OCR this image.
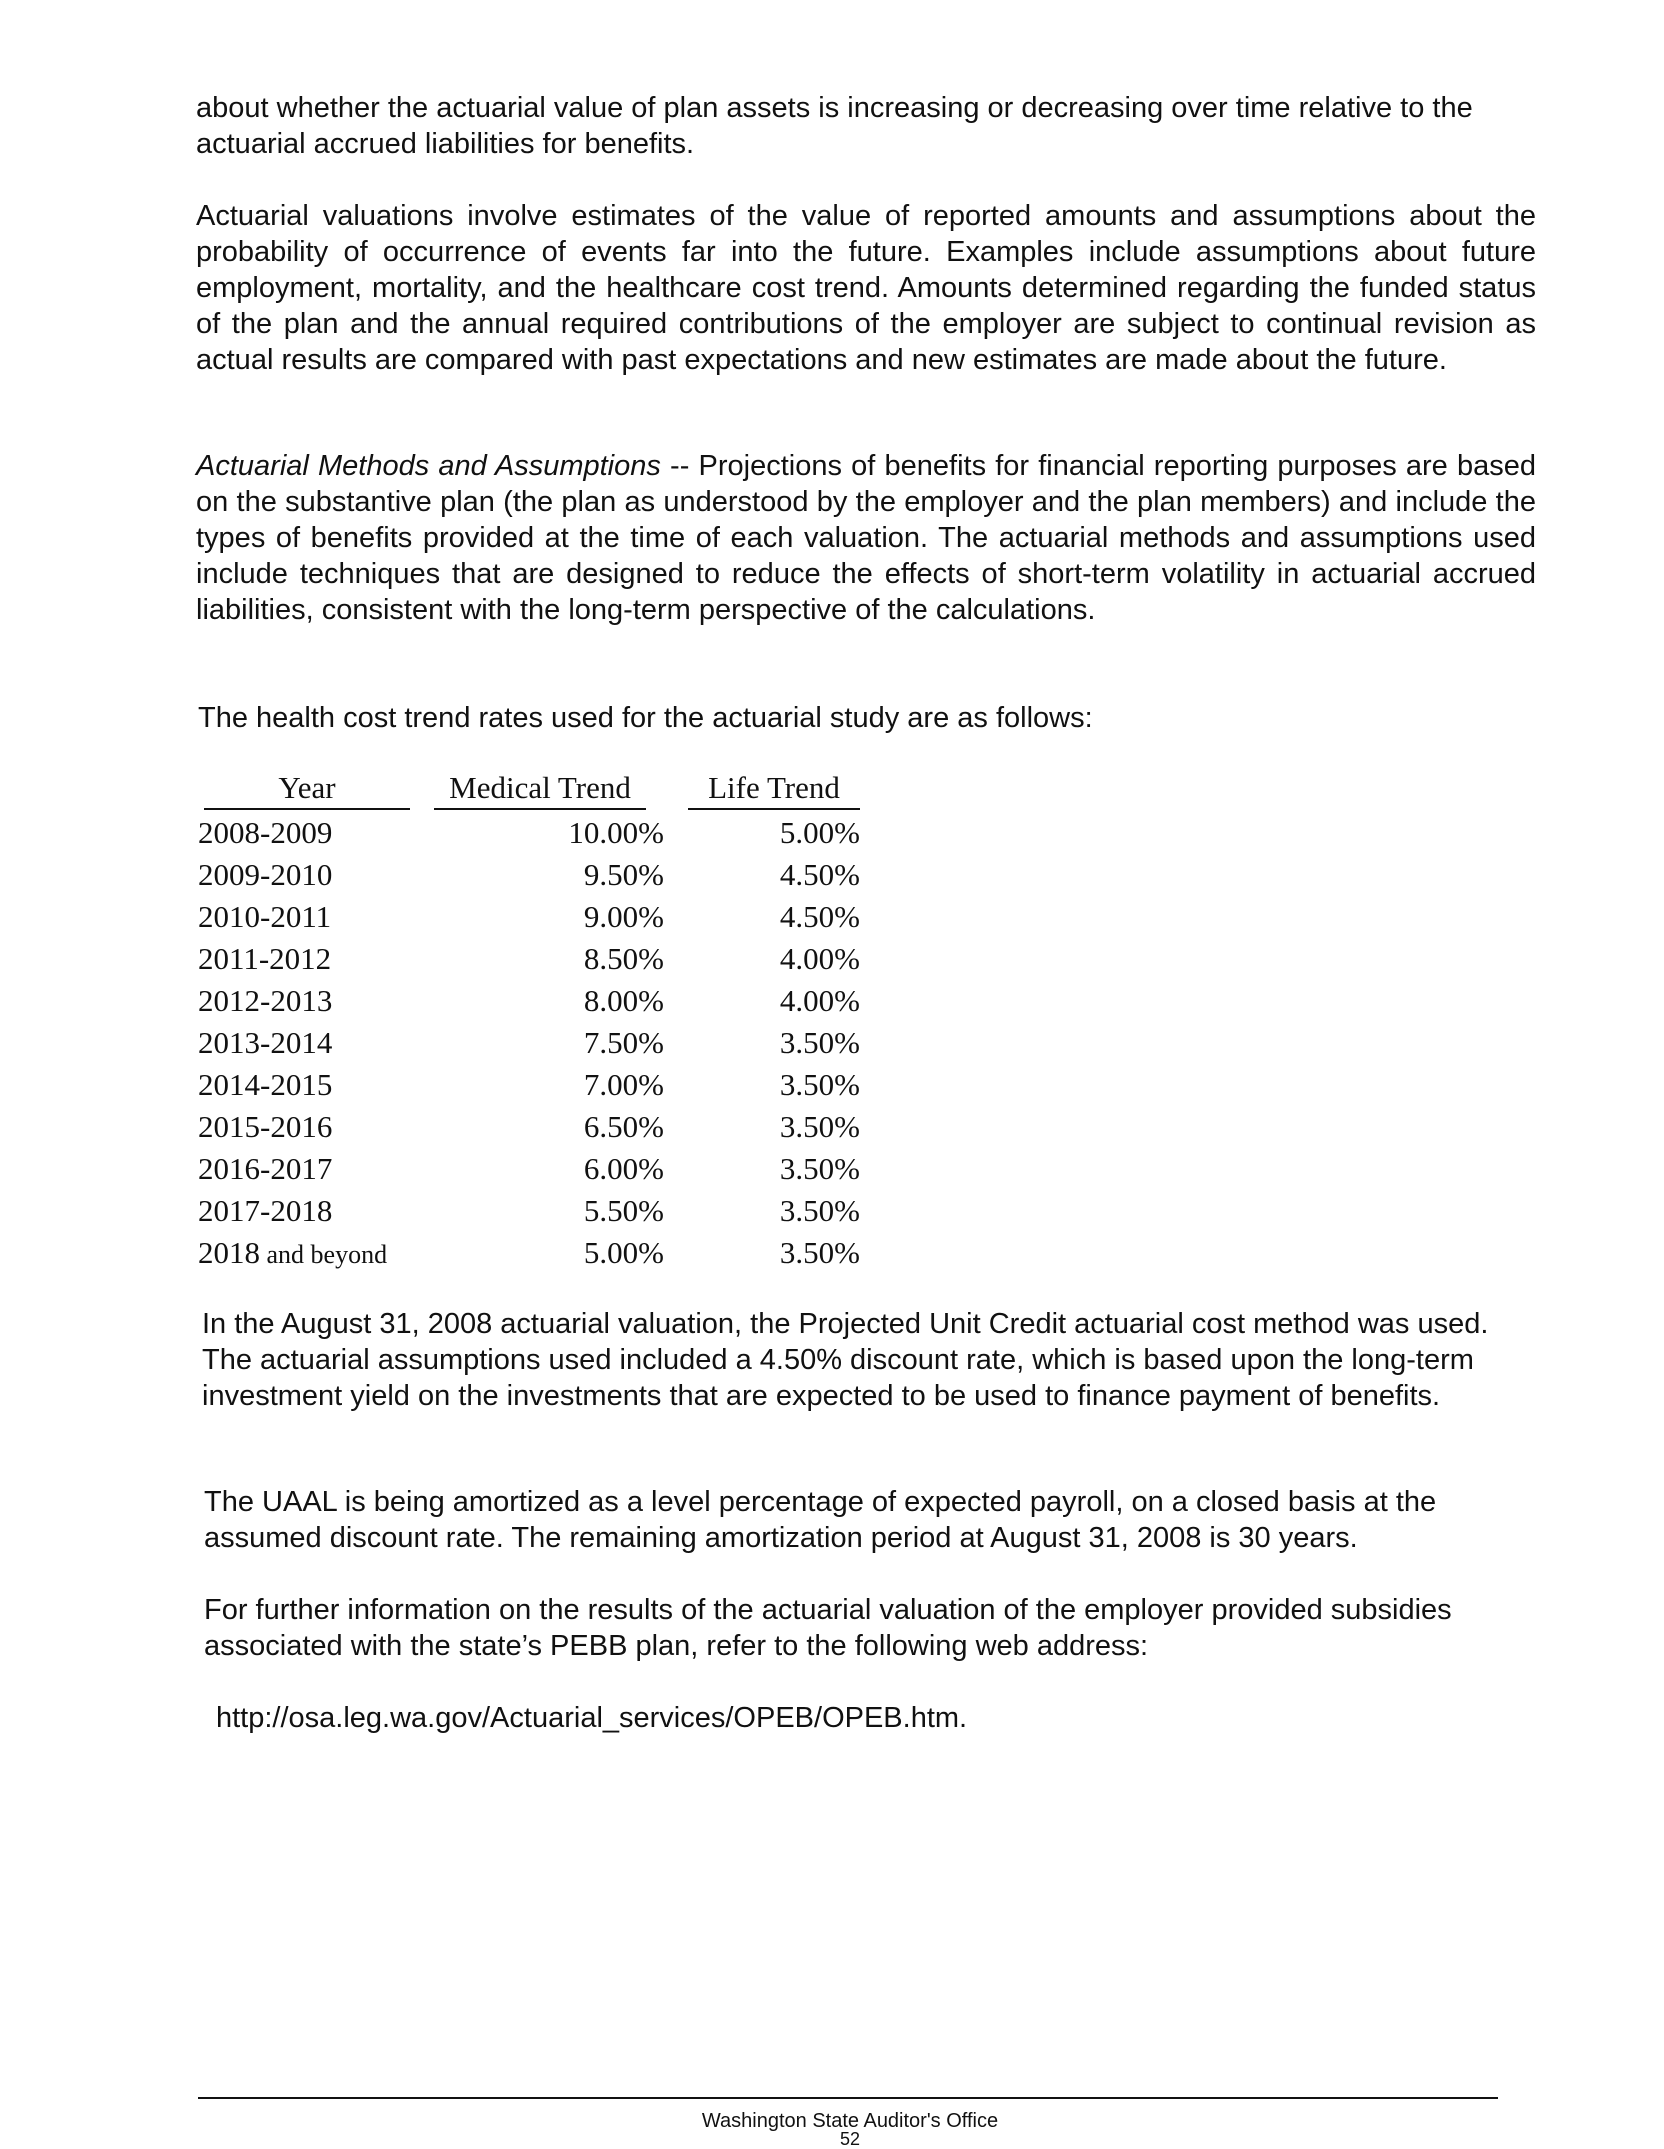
about whether the actuarial value of plan assets is increasing or decreasing over time relative to the actuarial accrued liabilities for benefits.

Actuarial valuations involve estimates of the value of reported amounts and assumptions about the probability of occurrence of events far into the future. Examples include assumptions about future employment, mortality, and the healthcare cost trend. Amounts determined regarding the funded status of the plan and the annual required contributions of the employer are subject to continual revision as actual results are compared with past expectations and new estimates are made about the future.

Actuarial Methods and Assumptions -- Projections of benefits for financial reporting purposes are based on the substantive plan (the plan as understood by the employer and the plan members) and include the types of benefits provided at the time of each valuation. The actuarial methods and assumptions used include techniques that are designed to reduce the effects of short-term volatility in actuarial accrued liabilities, consistent with the long-term perspective of the calculations.

The health cost trend rates used for the actuarial study are as follows:

Year	Medical Trend	Life Trend
2008-2009	10.00%	5.00%
2009-2010	9.50%	4.50%
2010-2011	9.00%	4.50%
2011-2012	8.50%	4.00%
2012-2013	8.00%	4.00%
2013-2014	7.50%	3.50%
2014-2015	7.00%	3.50%
2015-2016	6.50%	3.50%
2016-2017	6.00%	3.50%
2017-2018	5.50%	3.50%
2018 and beyond	5.00%	3.50%

In the August 31, 2008 actuarial valuation, the Projected Unit Credit actuarial cost method was used. The actuarial assumptions used included a 4.50% discount rate, which is based upon the long-term investment yield on the investments that are expected to be used to finance payment of benefits.

The UAAL is being amortized as a level percentage of expected payroll, on a closed basis at the assumed discount rate. The remaining amortization period at August 31, 2008 is 30 years.

For further information on the results of the actuarial valuation of the employer provided subsidies associated with the state’s PEBB plan, refer to the following web address:

http://osa.leg.wa.gov/Actuarial_services/OPEB/OPEB.htm.
Washington State Auditor's Office
52
